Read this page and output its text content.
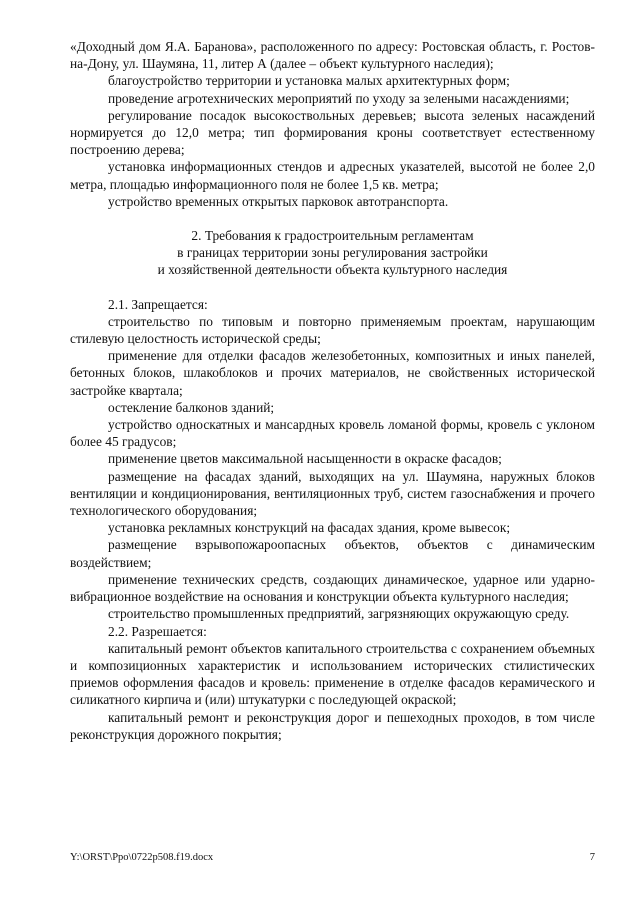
«Доходный дом Я.А. Баранова», расположенного по адресу: Ростовская область, г. Ростов-на-Дону, ул. Шаумяна, 11, литер А (далее – объект культурного наследия);

благоустройство территории и установка малых архитектурных форм;

проведение агротехнических мероприятий по уходу за зелеными насаждениями;

регулирование посадок высокоствольных деревьев; высота зеленых насаждений нормируется до 12,0 метра; тип формирования кроны соответствует естественному построению дерева;

установка информационных стендов и адресных указателей, высотой не более 2,0 метра, площадью информационного поля не более 1,5 кв. метра;

устройство временных открытых парковок автотранспорта.

2. Требования к градостроительным регламентам
в границах территории зоны регулирования застройки
и хозяйственной деятельности объекта культурного наследия

2.1. Запрещается:

строительство по типовым и повторно применяемым проектам, нарушающим стилевую целостность исторической среды;

применение для отделки фасадов железобетонных, композитных и иных панелей, бетонных блоков, шлакоблоков и прочих материалов, не свойственных исторической застройке квартала;

остекление балконов зданий;

устройство односкатных и мансардных кровель ломаной формы, кровель с уклоном более 45 градусов;

применение цветов максимальной насыщенности в окраске фасадов;

размещение на фасадах зданий, выходящих на ул. Шаумяна, наружных блоков вентиляции и кондиционирования, вентиляционных труб, систем газоснабжения и прочего технологического оборудования;

установка рекламных конструкций на фасадах здания, кроме вывесок;

размещение взрывопожароопасных объектов, объектов с динамическим воздействием;

применение технических средств, создающих динамическое, ударное или ударно-вибрационное воздействие на основания и конструкции объекта культурного наследия;

строительство промышленных предприятий, загрязняющих окружающую среду.

2.2. Разрешается:

капитальный ремонт объектов капитального строительства с сохранением объемных и композиционных характеристик и использованием исторических стилистических приемов оформления фасадов и кровель: применение в отделке фасадов керамического и силикатного кирпича и (или) штукатурки с последующей окраской;

капитальный ремонт и реконструкция дорог и пешеходных проходов, в том числе реконструкция дорожного покрытия;

Y:\ORST\Ppo\0722p508.f19.docx	7
